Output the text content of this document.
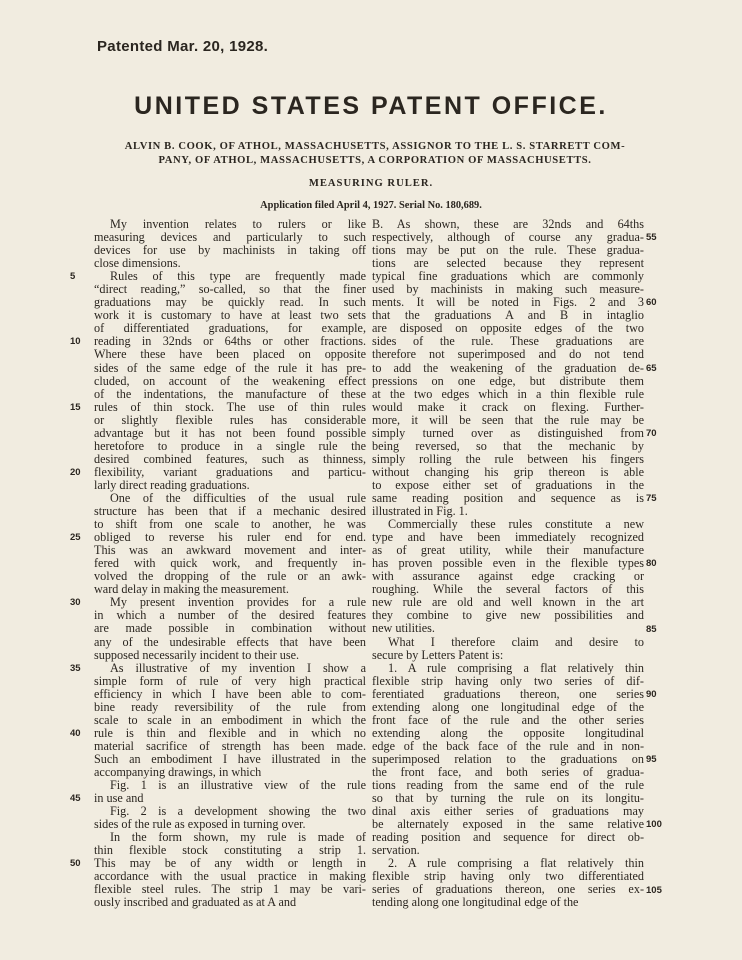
Patented Mar. 20, 1928.
UNITED STATES PATENT OFFICE.
ALVIN B. COOK, OF ATHOL, MASSACHUSETTS, ASSIGNOR TO THE L. S. STARRETT COM-
PANY, OF ATHOL, MASSACHUSETTS, A CORPORATION OF MASSACHUSETTS.
MEASURING RULER.
Application filed April 4, 1927. Serial No. 180,689.
My invention relates to rulers or like
measuring devices and particularly to such
devices for use by machinists in taking off
close dimensions.
Rules of this type are frequently made
“direct reading,” so-called, so that the finer
graduations may be quickly read. In such
work it is customary to have at least two sets
of differentiated graduations, for example,
reading in 32nds or 64ths or other fractions.
Where these have been placed on opposite
sides of the same edge of the rule it has pre-
cluded, on account of the weakening effect
of the indentations, the manufacture of these
rules of thin stock. The use of thin rules
or slightly flexible rules has considerable
advantage but it has not been found possible
heretofore to produce in a single rule the
desired combined features, such as thinness,
flexibility, variant graduations and particu-
larly direct reading graduations.
One of the difficulties of the usual rule
structure has been that if a mechanic desired
to shift from one scale to another, he was
obliged to reverse his ruler end for end.
This was an awkward movement and inter-
fered with quick work, and frequently in-
volved the dropping of the rule or an awk-
ward delay in making the measurement.
My present invention provides for a rule
in which a number of the desired features
are made possible in combination without
any of the undesirable effects that have been
supposed necessarily incident to their use.
As illustrative of my invention I show a
simple form of rule of very high practical
efficiency in which I have been able to com-
bine ready reversibility of the rule from
scale to scale in an embodiment in which the
rule is thin and flexible and in which no
material sacrifice of strength has been made.
Such an embodiment I have illustrated in the
accompanying drawings, in which
Fig. 1 is an illustrative view of the rule
in use and
Fig. 2 is a development showing the two
sides of the rule as exposed in turning over.
In the form shown, my rule is made of
thin flexible stock constituting a strip 1.
This may be of any width or length in
accordance with the usual practice in making
flexible steel rules. The strip 1 may be vari-
ously inscribed and graduated as at A and
B. As shown, these are 32nds and 64ths
respectively, although of course any gradua-
tions may be put on the rule. These gradua-
tions are selected because they represent
typical fine graduations which are commonly
used by machinists in making such measure-
ments. It will be noted in Figs. 2 and 3
that the graduations A and B in intaglio
are disposed on opposite edges of the two
sides of the rule. These graduations are
therefore not superimposed and do not tend
to add the weakening of the graduation de-
pressions on one edge, but distribute them
at the two edges which in a thin flexible rule
would make it crack on flexing. Further-
more, it will be seen that the rule may be
simply turned over as distinguished from
being reversed, so that the mechanic by
simply rolling the rule between his fingers
without changing his grip thereon is able
to expose either set of graduations in the
same reading position and sequence as is
illustrated in Fig. 1.
Commercially these rules constitute a new
type and have been immediately recognized
as of great utility, while their manufacture
has proven possible even in the flexible types
with assurance against edge cracking or
roughing. While the several factors of this
new rule are old and well known in the art
they combine to give new possibilities and
new utilities.
What I therefore claim and desire to
secure by Letters Patent is:
1. A rule comprising a flat relatively thin
flexible strip having only two series of dif-
ferentiated graduations thereon, one series
extending along one longitudinal edge of the
front face of the rule and the other series
extending along the opposite longitudinal
edge of the back face of the rule and in non-
superimposed relation to the graduations on
the front face, and both series of gradua-
tions reading from the same end of the rule
so that by turning the rule on its longitu-
dinal axis either series of graduations may
be alternately exposed in the same relative
reading position and sequence for direct ob-
servation.
2. A rule comprising a flat relatively thin
flexible strip having only two differentiated
series of graduations thereon, one series ex-
tending along one longitudinal edge of the
5
10
15
20
25
30
35
40
45
50
55
60
65
70
75
80
85
90
95
100
105
